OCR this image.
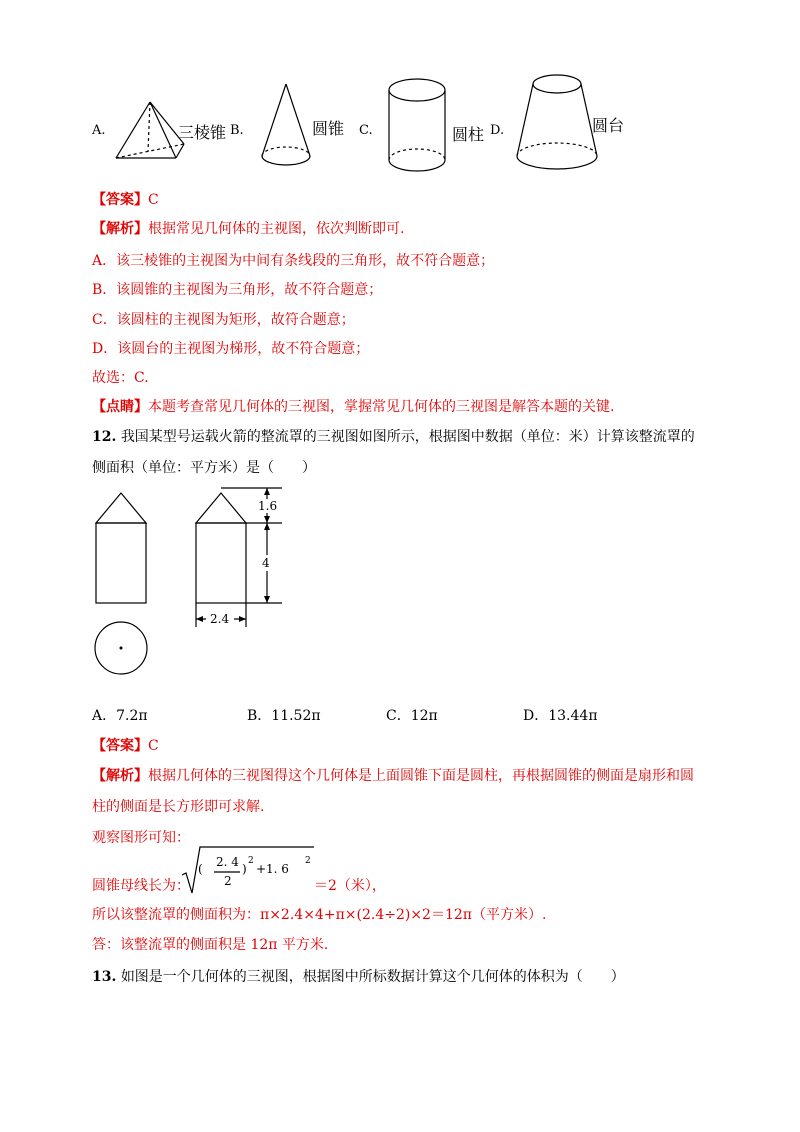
A.	三棱锥 B.	圆锥 C.	圆柱 D.	圆台
【答案】C
【解析】根据常见几何体的主视图，依次判断即可.
A．该三棱锥的主视图为中间有条线段的三角形，故不符合题意；
B．该圆锥的主视图为三角形，故不符合题意；
C．该圆柱的主视图为矩形，故符合题意；
D．该圆台的主视图为梯形，故不符合题意；
故选：C.
【点睛】本题考查常见几何体的三视图，掌握常见几何体的三视图是解答本题的关键.
12. 我国某型号运载火箭的整流罩的三视图如图所示，根据图中数据（单位：米）计算该整流罩的
侧面积（单位：平方米）是（　　）
1.6
4
2.4
A．7.2π	B．11.52π	C．12π	D．13.44π
【答案】C
【解析】根据几何体的三视图得这个几何体是上面圆锥下面是圆柱，再根据圆锥的侧面是扇形和圆
柱的侧面是长方形即可求解.
观察图形可知：
圆锥母线长为：
( 2. 4
2
)
2
+ 1. 6
2
＝2（米），
所以该整流罩的侧面积为：π×2.4×4+π×(2.4÷2)×2＝12π（平方米）.
答：该整流罩的侧面积是 12π 平方米.
13. 如图是一个几何体的三视图，根据图中所标数据计算这个几何体的体积为（　　）
